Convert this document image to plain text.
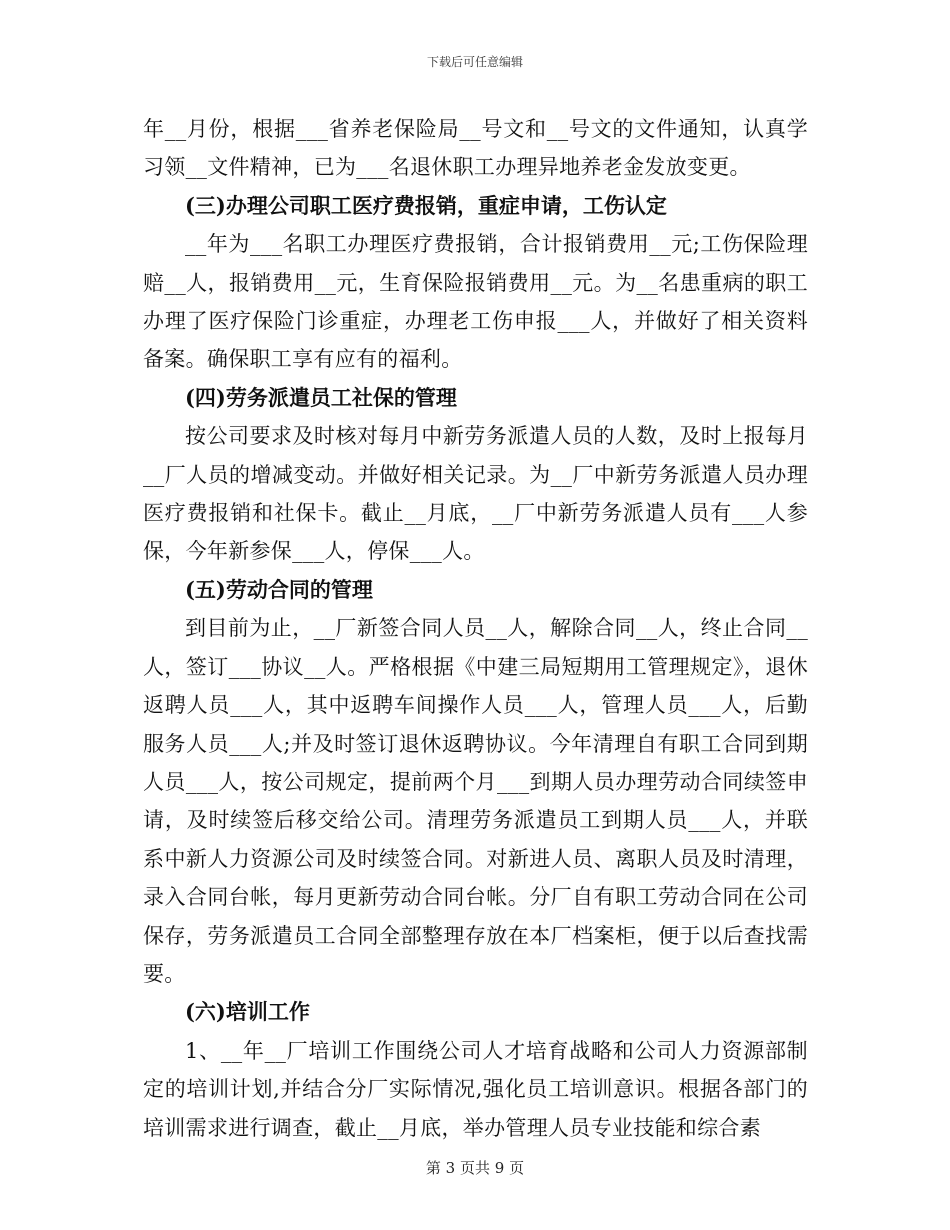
下载后可任意编辑

年__月份，根据___省养老保险局__号文和__号文的文件通知，认真学习领__文件精神，已为___名退休职工办理异地养老金发放变更。

(三)办理公司职工医疗费报销，重症申请，工伤认定

__年为___名职工办理医疗费报销，合计报销费用__元;工伤保险理赔__人，报销费用__元，生育保险报销费用__元。为__名患重病的职工办理了医疗保险门诊重症，办理老工伤申报___人，并做好了相关资料备案。确保职工享有应有的福利。

(四)劳务派遣员工社保的管理

按公司要求及时核对每月中新劳务派遣人员的人数，及时上报每月__厂人员的增减变动。并做好相关记录。为__厂中新劳务派遣人员办理医疗费报销和社保卡。截止__月底，__厂中新劳务派遣人员有___人参保，今年新参保___人，停保___人。

(五)劳动合同的管理

到目前为止，__厂新签合同人员__人，解除合同__人，终止合同__人，签订___协议__人。严格根据《中建三局短期用工管理规定》，退休返聘人员___人，其中返聘车间操作人员___人，管理人员___人，后勤服务人员___人;并及时签订退休返聘协议。今年清理自有职工合同到期人员___人，按公司规定，提前两个月___到期人员办理劳动合同续签申请，及时续签后移交给公司。清理劳务派遣员工到期人员___人，并联系中新人力资源公司及时续签合同。对新进人员、离职人员及时清理，录入合同台帐，每月更新劳动合同台帐。分厂自有职工劳动合同在公司保存，劳务派遣员工合同全部整理存放在本厂档案柜，便于以后查找需要。

(六)培训工作

1、__年__厂培训工作围绕公司人才培育战略和公司人力资源部制定的培训计划,并结合分厂实际情况,强化员工培训意识。根据各部门的培训需求进行调查，截止__月底，举办管理人员专业技能和综合素

第 3 页共 9 页
